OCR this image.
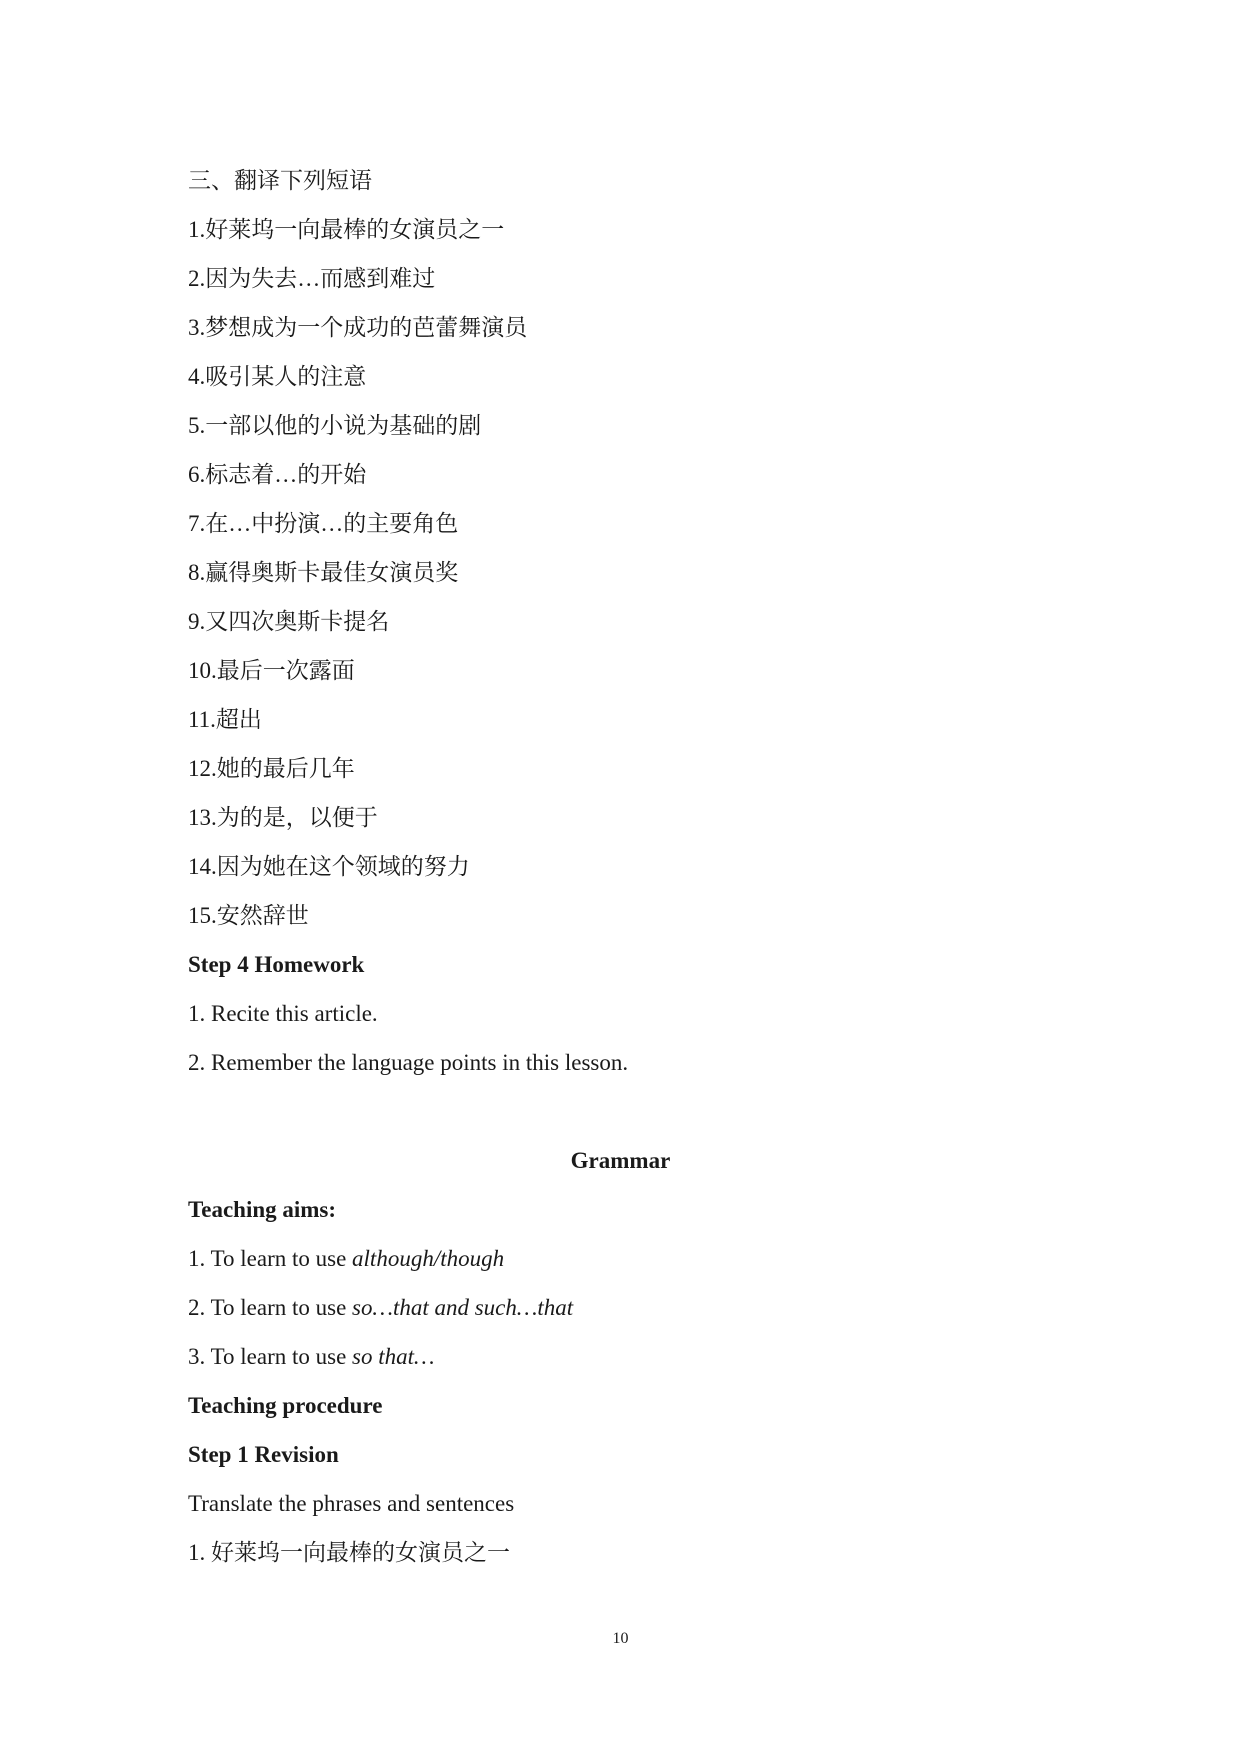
三、翻译下列短语
1.好莱坞一向最棒的女演员之一
2.因为失去…而感到难过
3.梦想成为一个成功的芭蕾舞演员
4.吸引某人的注意
5.一部以他的小说为基础的剧
6.标志着…的开始
7.在…中扮演…的主要角色
8.赢得奥斯卡最佳女演员奖
9.又四次奥斯卡提名
10.最后一次露面
11.超出
12.她的最后几年
13.为的是，以便于
14.因为她在这个领域的努力
15.安然辞世
Step 4 Homework
1. Recite this article.
2. Remember the language points in this lesson.
Grammar
Teaching aims:
1. To learn to use although/though
2. To learn to use so…that and such…that
3. To learn to use so that…
Teaching procedure
Step 1 Revision
Translate the phrases and sentences
1. 好莱坞一向最棒的女演员之一
10
